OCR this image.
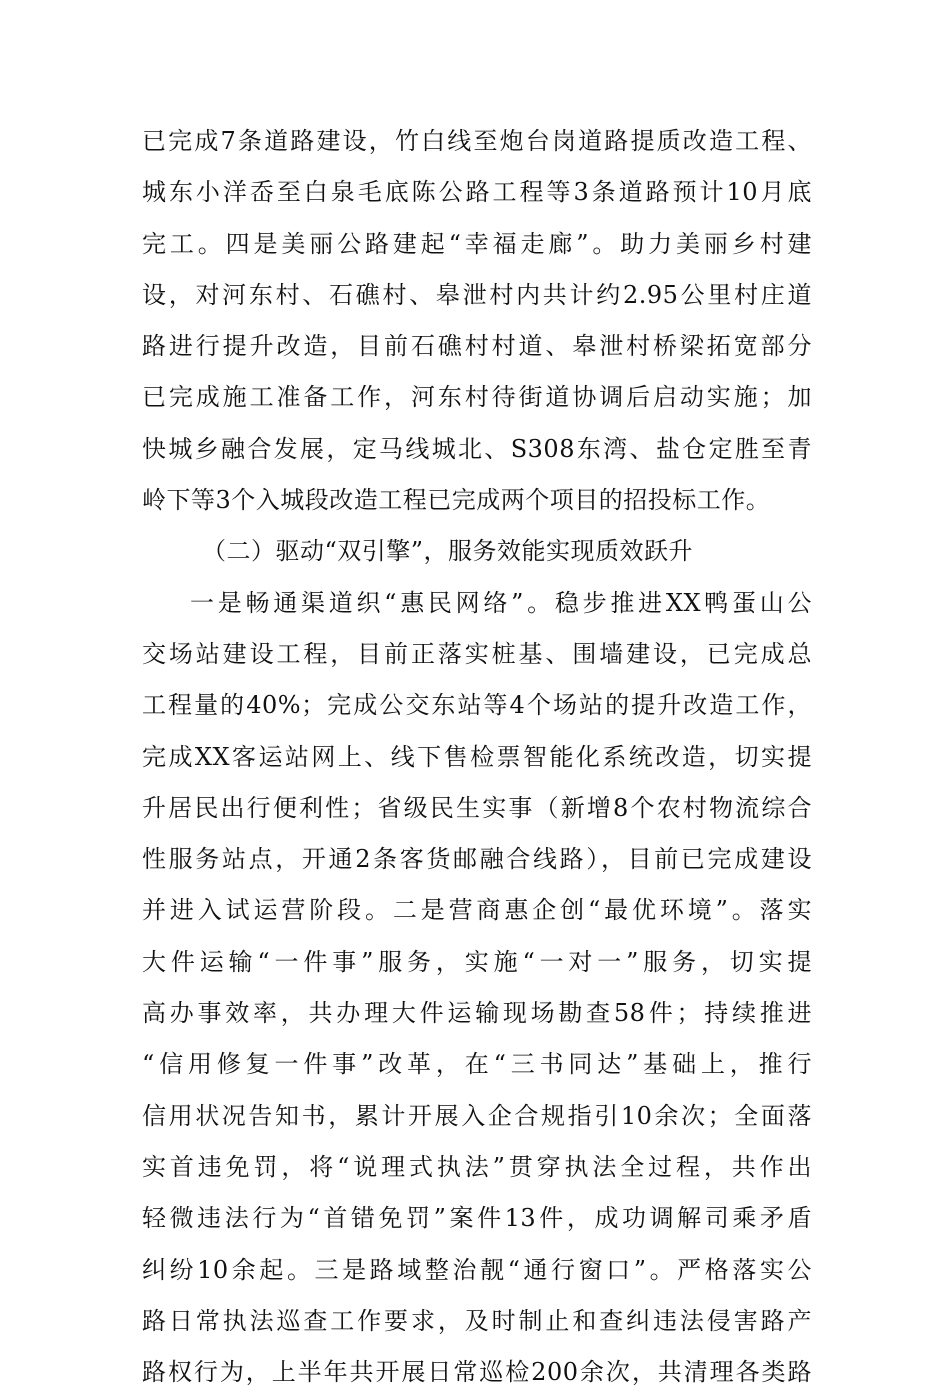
已完成7条道路建设，竹白线至炮台岗道路提质改造工程、
城东小洋岙至白泉毛底陈公路工程等3条道路预计10月底
完工。四是美丽公路建起“幸福走廊”。助力美丽乡村建
设，对河东村、石礁村、皋泄村内共计约2.95公里村庄道
路进行提升改造，目前石礁村村道、皋泄村桥梁拓宽部分
已完成施工准备工作，河东村待街道协调后启动实施；加
快城乡融合发展，定马线城北、S308东湾、盐仓定胜至青
岭下等3个入城段改造工程已完成两个项目的招投标工作。
（二）驱动“双引擎”，服务效能实现质效跃升
一是畅通渠道织“惠民网络”。稳步推进XX鸭蛋山公
交场站建设工程，目前正落实桩基、围墙建设，已完成总
工程量的40%；完成公交东站等4个场站的提升改造工作，
完成XX客运站网上、线下售检票智能化系统改造，切实提
升居民出行便利性；省级民生实事（新增8个农村物流综合
性服务站点，开通2条客货邮融合线路），目前已完成建设
并进入试运营阶段。二是营商惠企创“最优环境”。落实
大件运输“一件事”服务，实施“一对一”服务，切实提
高办事效率，共办理大件运输现场勘查58件；持续推进
“信用修复一件事”改革，在“三书同达”基础上，推行
信用状况告知书，累计开展入企合规指引10余次；全面落
实首违免罚，将“说理式执法”贯穿执法全过程，共作出
轻微违法行为“首错免罚”案件13件，成功调解司乘矛盾
纠纷10余起。三是路域整治靓“通行窗口”。严格落实公
路日常执法巡查工作要求，及时制止和查纠违法侵害路产
路权行为，上半年共开展日常巡检200余次，共清理各类路
